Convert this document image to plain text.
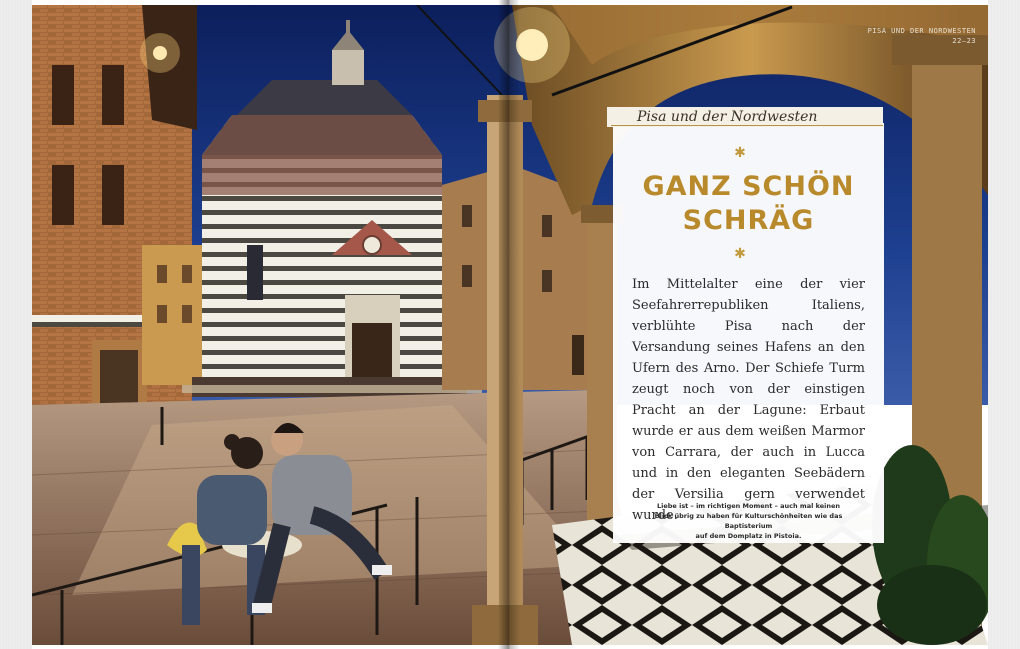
PISA UND DER NORDWESTEN
22–23
Pisa und der Nordwesten
✱
GANZ SCHÖN
SCHRÄG
✱
Im Mittelalter eine der vier Seefahrerrepubliken Italiens, verblühte Pisa nach der Versandung seines Hafens an den Ufern des Arno. Der Schiefe Turm zeugt noch von der einstigen Pracht an der Lagune: Erbaut wurde er aus dem weißen Marmor von Carrara, der auch in Lucca und in den eleganten Seebädern der Versilia gern verwendet wurde.
Liebe ist – im richtigen Moment – auch mal keinen
Blick übrig zu haben für Kulturschönheiten wie das Baptisterium
auf dem Domplatz in Pistoia.
